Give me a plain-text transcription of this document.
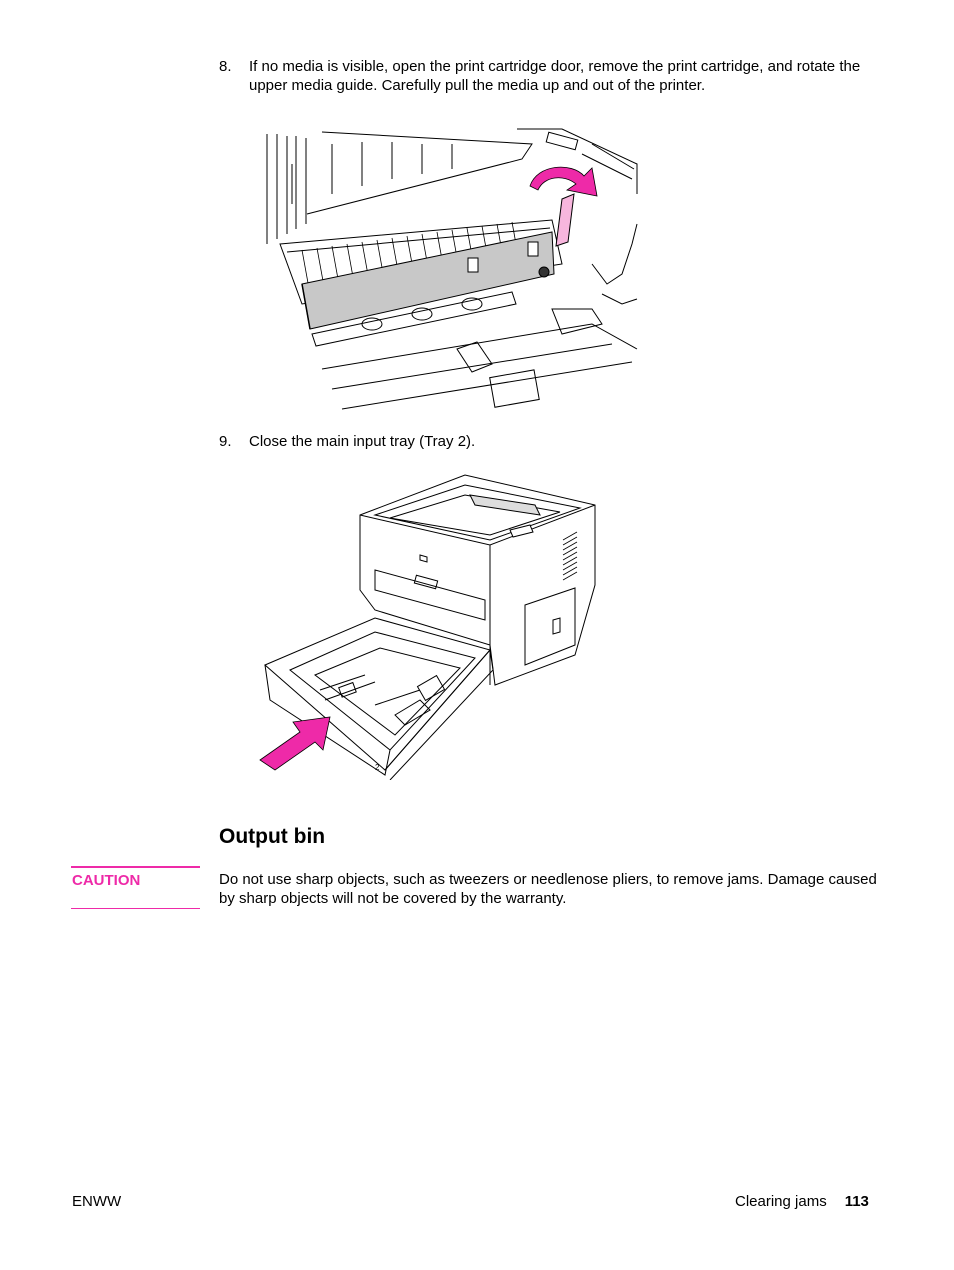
8. If no media is visible, open the print cartridge door, remove the print cartridge, and rotate the upper media guide. Carefully pull the media up and out of the printer.
9. Close the main input tray (Tray 2).
2
Output bin
CAUTION	Do not use sharp objects, such as tweezers or needlenose pliers, to remove jams. Damage caused by sharp objects will not be covered by the warranty.
ENWW	Clearing jams 113
